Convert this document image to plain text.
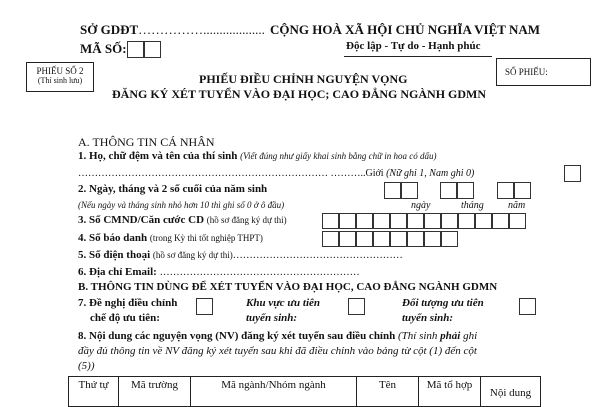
SỞ GDĐT……………...................
MÃ SỐ:
CỘNG HOÀ XÃ HỘI CHỦ NGHĨA VIỆT NAM
Độc lập - Tự do - Hạnh phúc
PHIẾU SỐ 2
(Thí sinh lưu)
SỐ PHIẾU:
PHIẾU ĐIỀU CHỈNH NGUYỆN VỌNG
ĐĂNG KÝ XÉT TUYỂN VÀO ĐẠI HỌC; CAO ĐẲNG NGÀNH GDMN
A. THÔNG TIN CÁ NHÂN
1. Họ, chữ đệm và tên của thí sinh (Viết đúng như giấy khai sinh bằng chữ in hoa có dấu)
………………………………………………………………… ………..Giới (Nữ ghi 1, Nam ghi 0)
2. Ngày, tháng và 2 số cuối của năm sinh
(Nếu ngày và tháng sinh nhỏ hơn 10 thì ghi số 0 ở ô đầu)	ngày	tháng năm
3. Số CMND/Căn cước CD (hồ sơ đăng ký dự thi)
4. Số báo danh (trong Kỳ thi tốt nghiệp THPT)
5. Số điện thoại (hồ sơ đăng ký dự thi)……………………………………………
6. Địa chỉ Email: ……………………………………………………
B. THÔNG TIN DÙNG ĐỂ XÉT TUYỂN VÀO ĐẠI HỌC, CAO ĐẲNG NGÀNH GDMN
7. Đề nghị điều chỉnh
chế độ ưu tiên:
Khu vực ưu tiên
tuyển sinh:
Đối tượng ưu tiên
tuyển sinh:
8. Nội dung các nguyện vọng (NV) đăng ký xét tuyển sau điều chỉnh (Thí sinh phải ghi
đầy đủ thông tin về NV đăng ký xét tuyển sau khi đã điều chỉnh vào bảng từ cột (1) đến cột
(5))
Thứ tự	Mã trường	Mã ngành/Nhóm ngành	Tên	Mã tổ hợp	Nội dung
